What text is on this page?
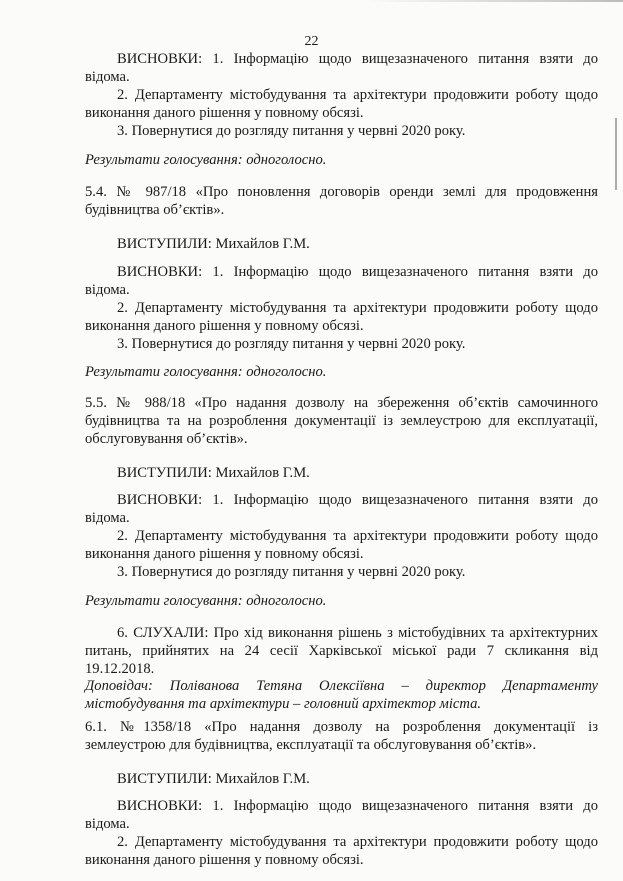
22
ВИСНОВКИ: 1. Інформацію щодо вищезазначеного питання взяти до
відома.
2. Департаменту містобудування та архітектури продовжити роботу щодо
виконання даного рішення у повному обсязі.
3. Повернутися до розгляду питання у червні 2020 року.
Результати голосування: одноголосно.
5.4. № 987/18 «Про поновлення договорів оренди землі для продовження
будівництва об’єктів».
ВИСТУПИЛИ: Михайлов Г.М.
ВИСНОВКИ: 1. Інформацію щодо вищезазначеного питання взяти до
відома.
2. Департаменту містобудування та архітектури продовжити роботу щодо
виконання даного рішення у повному обсязі.
3. Повернутися до розгляду питання у червні 2020 року.
Результати голосування: одноголосно.
5.5. № 988/18 «Про надання дозволу на збереження об’єктів самочинного
будівництва та на розроблення документації із землеустрою для експлуатації,
обслуговування об’єктів».
ВИСТУПИЛИ: Михайлов Г.М.
ВИСНОВКИ: 1. Інформацію щодо вищезазначеного питання взяти до
відома.
2. Департаменту містобудування та архітектури продовжити роботу щодо
виконання даного рішення у повному обсязі.
3. Повернутися до розгляду питання у червні 2020 року.
Результати голосування: одноголосно.
6. СЛУХАЛИ: Про хід виконання рішень з містобудівних та архітектурних
питань, прийнятих на 24 сесії Харківської міської ради 7 скликання від
19.12.2018.
Доповідач: Поліванова Тетяна Олексіївна – директор Департаменту
містобудування та архітектури – головний архітектор міста.
6.1. №1358/18 «Про надання дозволу на розроблення документації із
землеустрою для будівництва, експлуатації та обслуговування об’єктів».
ВИСТУПИЛИ: Михайлов Г.М.
ВИСНОВКИ: 1. Інформацію щодо вищезазначеного питання взяти до
відома.
2. Департаменту містобудування та архітектури продовжити роботу щодо
виконання даного рішення у повному обсязі.
